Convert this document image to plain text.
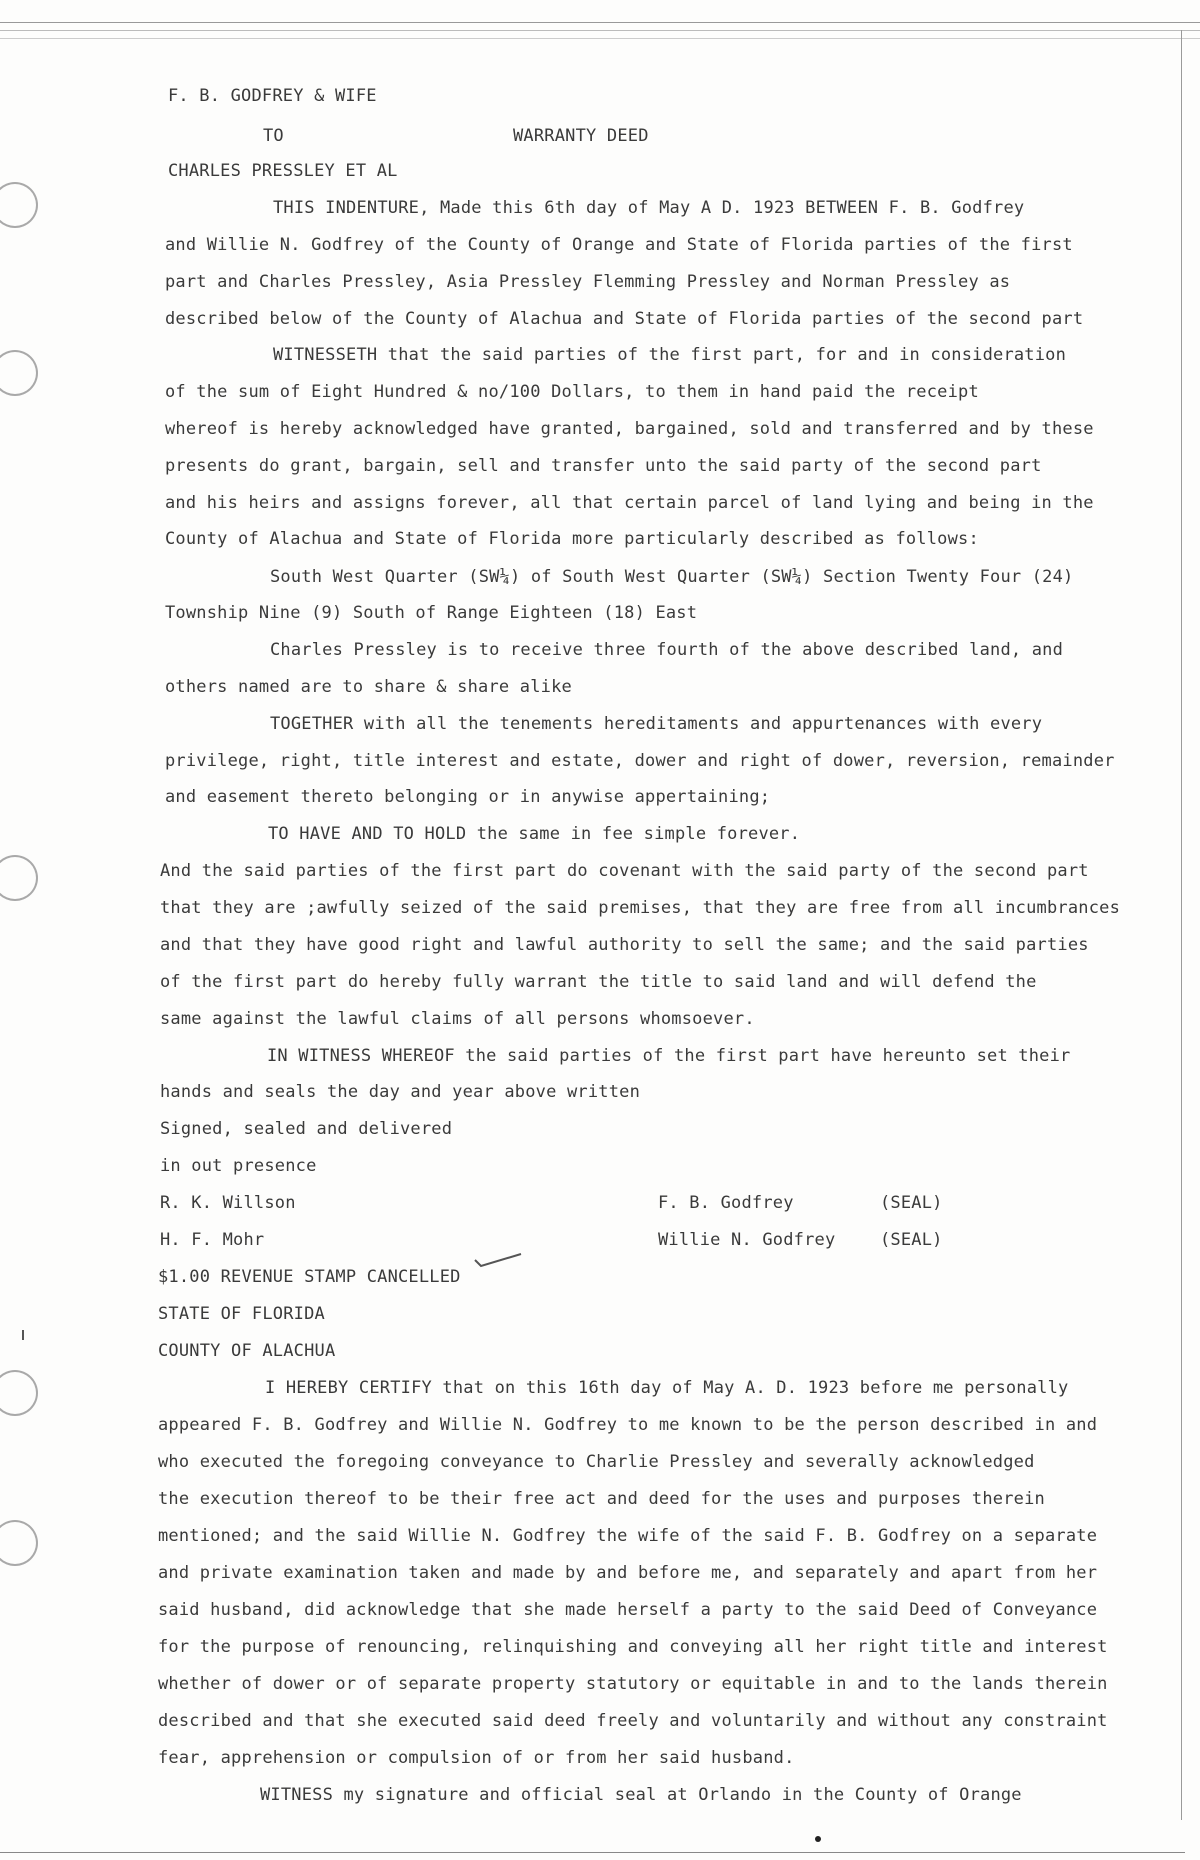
F. B. GODFREY & WIFE
TO	WARRANTY DEED
CHARLES PRESSLEY ET AL
THIS INDENTURE, Made this 6th day of May A D. 1923 BETWEEN F. B. Godfrey
and Willie N. Godfrey of the County of Orange and State of Florida parties of the first
part and Charles Pressley, Asia Pressley Flemming Pressley and Norman Pressley as
described below of the County of Alachua and State of Florida parties of the second part
WITNESSETH that the said parties of the first part, for and in consideration
of the sum of Eight Hundred & no/100 Dollars, to them in hand paid the receipt
whereof is hereby acknowledged have granted, bargained, sold and transferred and by these
presents do grant, bargain, sell and transfer unto the said party of the second part
and his heirs and assigns forever, all that certain parcel of land lying and being in the
County of Alachua and State of Florida more particularly described as follows:
South West Quarter (SW¼) of South West Quarter (SW¼) Section Twenty Four (24)
Township Nine (9) South of Range Eighteen (18) East
Charles Pressley is to receive three fourth of the above described land, and
others named are to share & share alike
TOGETHER with all the tenements hereditaments and appurtenances with every
privilege, right, title interest and estate, dower and right of dower, reversion, remainder
and easement thereto belonging or in anywise appertaining;
TO HAVE AND TO HOLD the same in fee simple forever.
And the said parties of the first part do covenant with the said party of the second part
that they are ;awfully seized of the said premises, that they are free from all incumbrances
and that they have good right and lawful authority to sell the same; and the said parties
of the first part do hereby fully warrant the title to said land and will defend the
same against the lawful claims of all persons whomsoever.
IN WITNESS WHEREOF the said parties of the first part have hereunto set their
hands and seals the day and year above written
Signed, sealed and delivered
in out presence
R. K. Willson	F. B. Godfrey	(SEAL)
H. F. Mohr	Willie N. Godfrey	(SEAL)
$1.00 REVENUE STAMP CANCELLED
STATE OF FLORIDA
COUNTY OF ALACHUA
I HEREBY CERTIFY that on this 16th day of May A. D. 1923 before me personally
appeared F. B. Godfrey and Willie N. Godfrey to me known to be the person described in and
who executed the foregoing conveyance to Charlie Pressley and severally acknowledged
the execution thereof to be their free act and deed for the uses and purposes therein
mentioned; and the said Willie N. Godfrey the wife of the said F. B. Godfrey on a separate
and private examination taken and made by and before me, and separately and apart from her
said husband, did acknowledge that she made herself a party to the said Deed of Conveyance
for the purpose of renouncing, relinquishing and conveying all her right title and interest
whether of dower or of separate property statutory or equitable in and to the lands therein
described and that she executed said deed freely and voluntarily and without any constraint
fear, apprehension or compulsion of or from her said husband.
WITNESS my signature and official seal at Orlando in the County of Orange
